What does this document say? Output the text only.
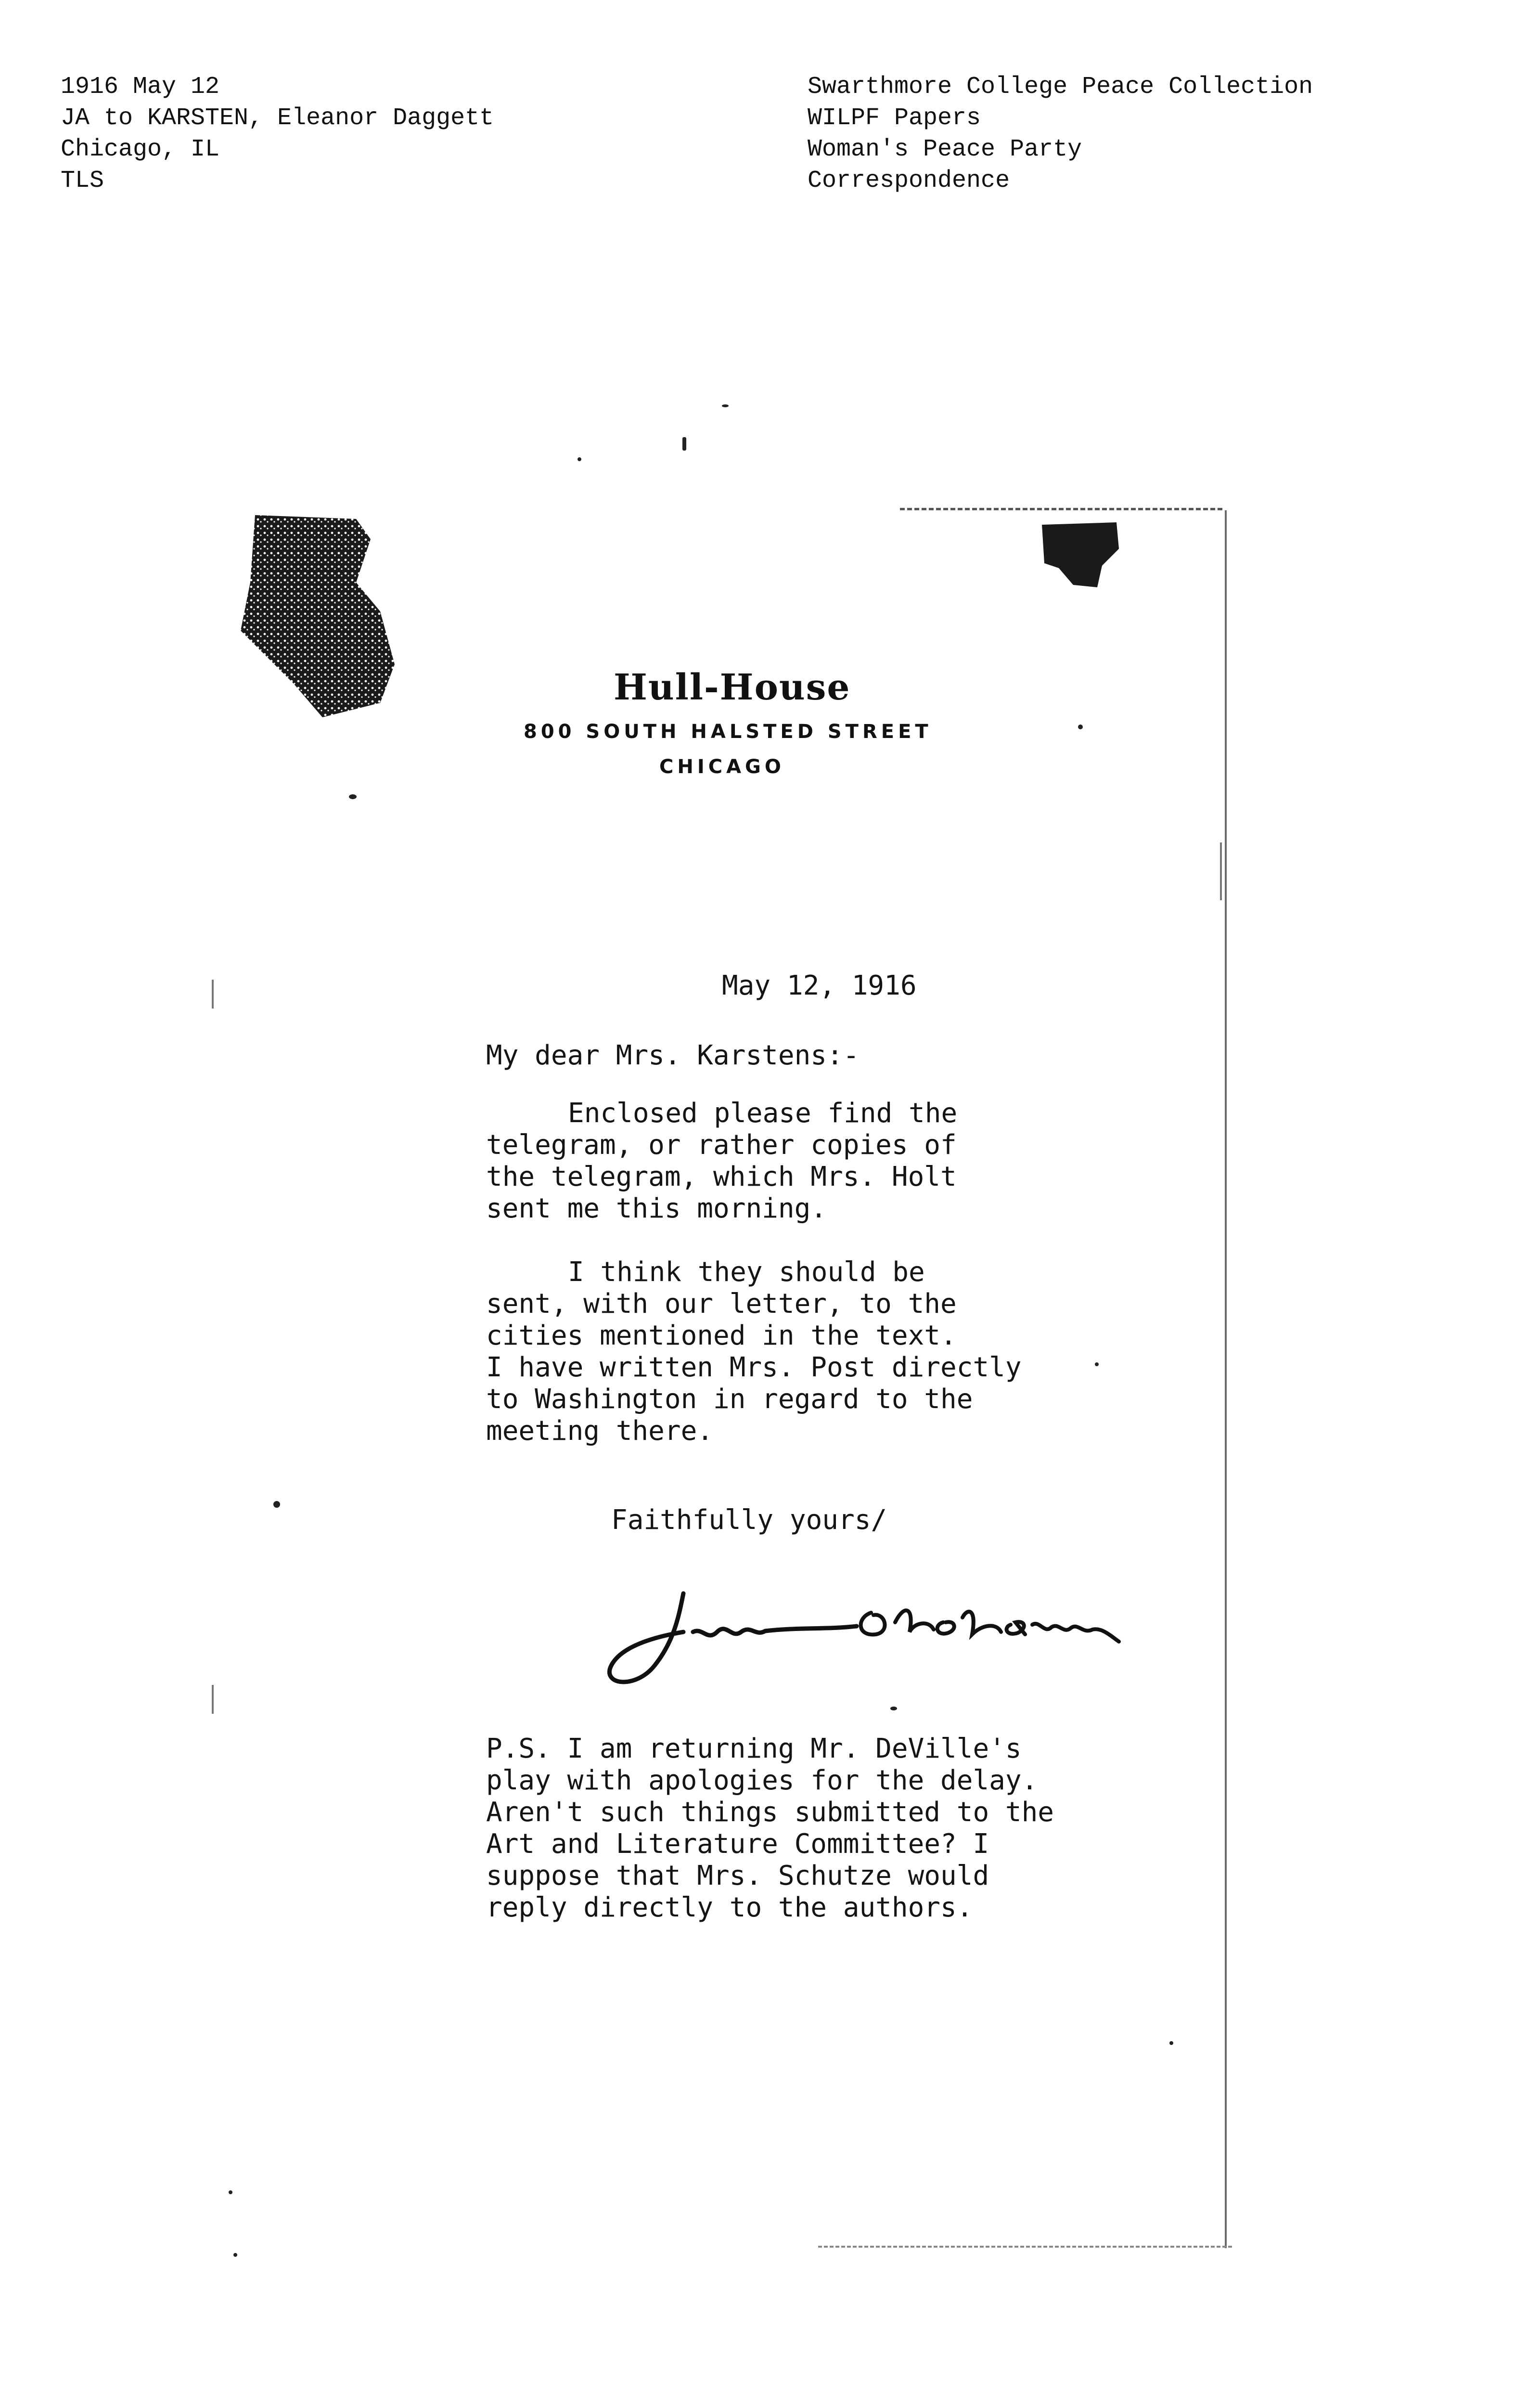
1916 May 12
JA to KARSTEN, Eleanor Daggett
Chicago, IL
TLS
Swarthmore College Peace Collection
WILPF Papers
Woman's Peace Party
Correspondence
Hull-House
800 SOUTH HALSTED STREET
CHICAGO
May 12, 1916
My dear Mrs. Karstens:-
Enclosed please find the
telegram, or rather copies of
the telegram, which Mrs. Holt
sent me this morning.
I think they should be
sent, with our letter, to the
cities mentioned in the text.
I have written Mrs. Post directly
to Washington in regard to the
meeting there.
Faithfully yours/
P.S. I am returning Mr. DeVille's
play with apologies for the delay.
Aren't such things submitted to the
Art and Literature Committee? I
suppose that Mrs. Schutze would
reply directly to the authors.
